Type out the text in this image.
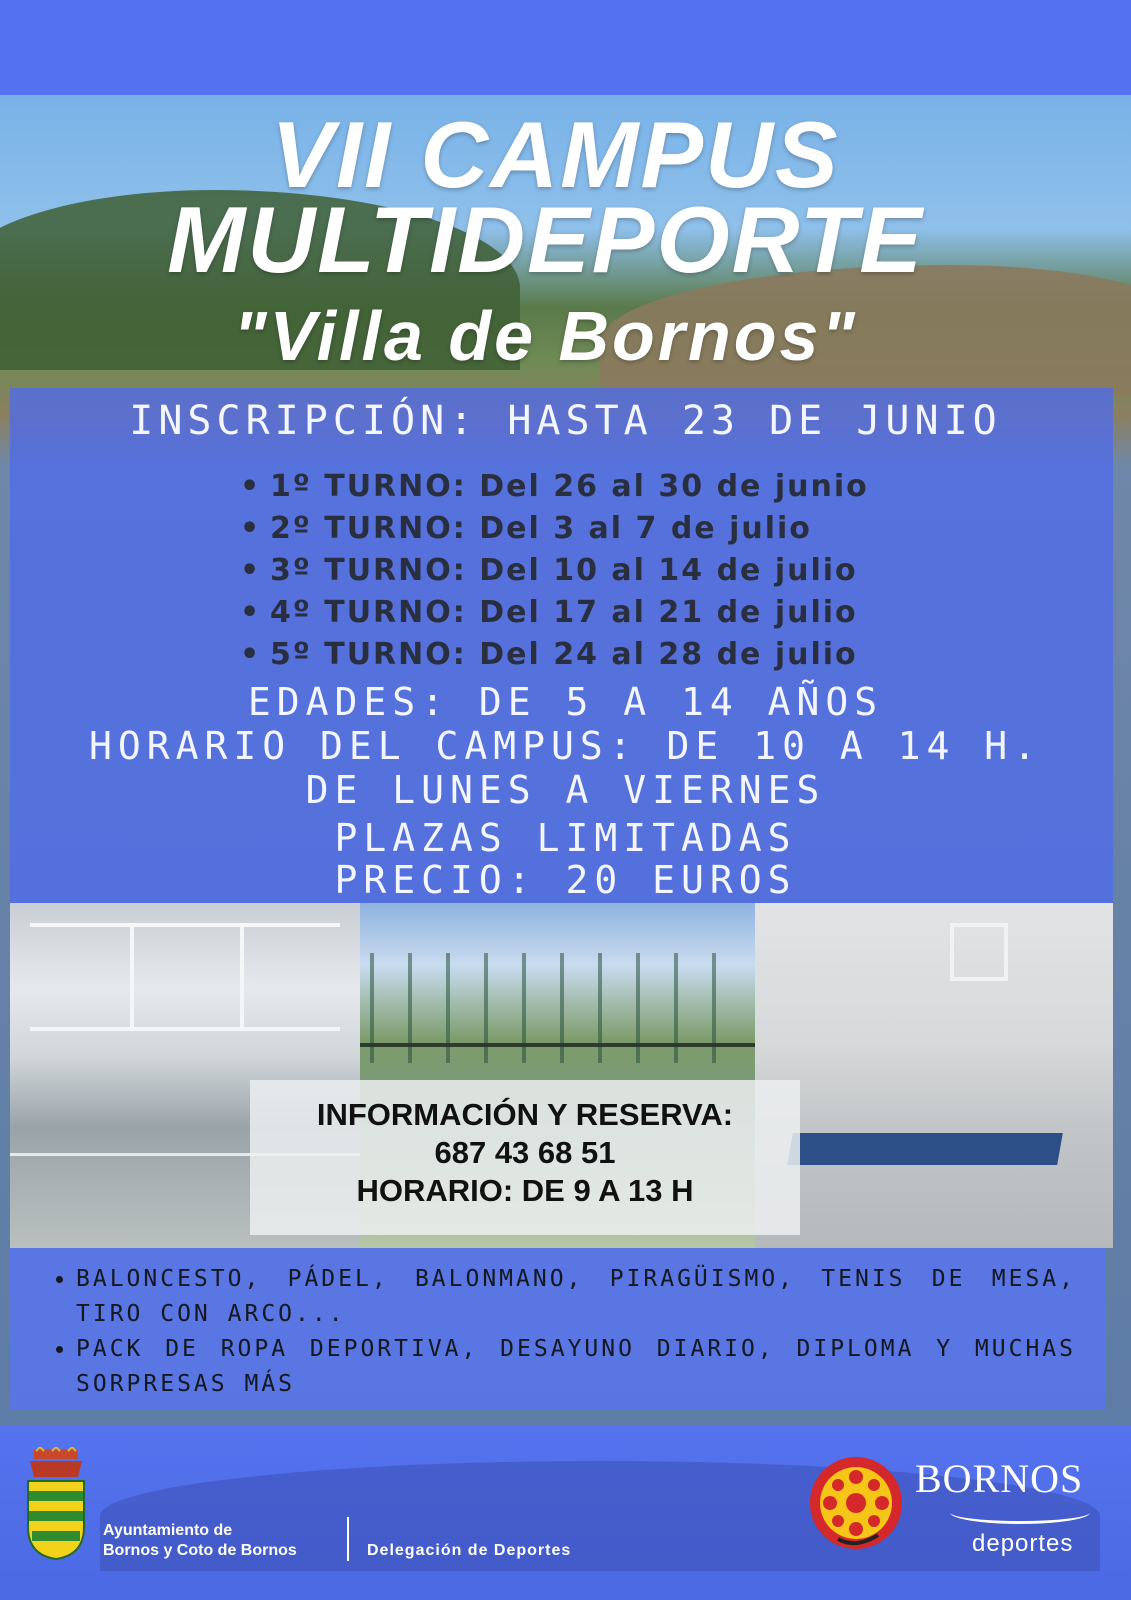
VII CAMPUS
MULTIDEPORTE
"Villa de Bornos"

INSCRIPCIÓN: HASTA 23 DE JUNIO

• 1º TURNO: Del 26 al 30 de junio
• 2º TURNO: Del 3 al 7 de julio
• 3º TURNO: Del 10 al 14 de julio
• 4º TURNO: Del 17 al 21 de julio
• 5º TURNO: Del 24 al 28 de julio

EDADES: DE 5 A 14 AÑOS

HORARIO DEL CAMPUS: DE 10 A 14 H.

DE LUNES A VIERNES

PLAZAS LIMITADAS

PRECIO: 20 EUROS

INFORMACIÓN Y RESERVA:

687 43 68 51

HORARIO: DE 9 A 13 H

• BALONCESTO, PÁDEL, BALONMANO, PIRAGÜISMO, TENIS DE MESA, TIRO CON ARCO...
• PACK DE ROPA DEPORTIVA, DESAYUNO DIARIO, DIPLOMA Y MUCHAS SORPRESAS MÁS
Ayuntamiento de
Bornos y Coto de Bornos	Delegación de Deportes
BORNOS
deportes
